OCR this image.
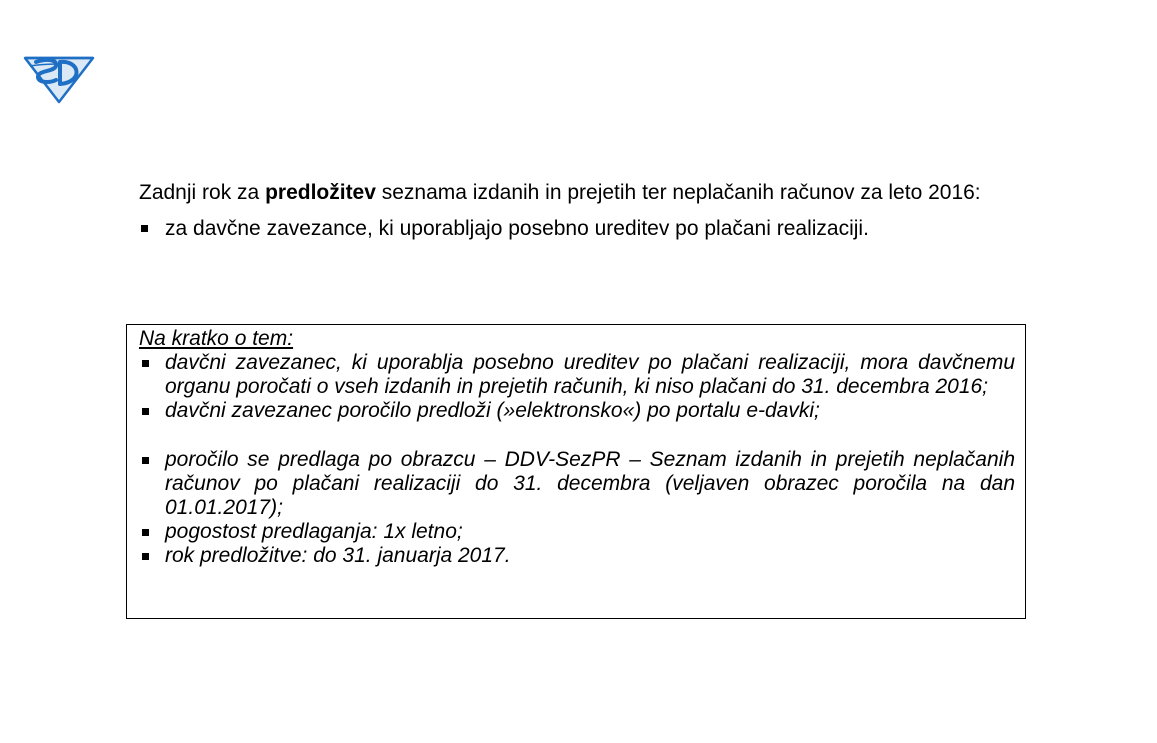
Zadnji rok za predložitev seznama izdanih in prejetih ter neplačanih računov za leto 2016:

za davčne zavezance, ki uporabljajo posebno ureditev po plačani realizaciji.

Na kratko o tem:

davčni zavezanec, ki uporablja posebno ureditev po plačani realizaciji, mora davčnemu organu poročati o vseh izdanih in prejetih računih, ki niso plačani do 31. decembra 2016;
davčni zavezanec poročilo predloži (»elektronsko«) po portalu e-davki;
poročilo se predlaga po obrazcu – DDV-SezPR – Seznam izdanih in prejetih neplačanih računov po plačani realizaciji do 31. decembra (veljaven obrazec poročila na dan 01.01.2017);
pogostost predlaganja: 1x letno;
rok predložitve: do 31. januarja 2017.
